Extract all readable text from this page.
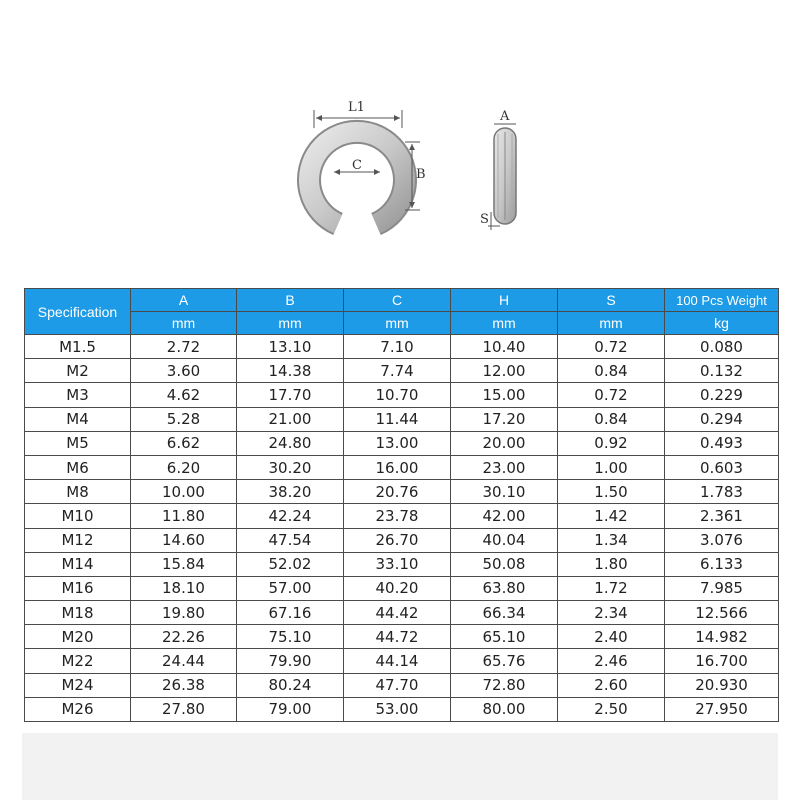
L1
C
B
A
S
Specification	A	B	C	H	S	100 Pcs Weight
	mm	mm	mm	mm	mm	kg
M1.5	2.72	13.10	7.10	10.40	0.72	0.080
M2	3.60	14.38	7.74	12.00	0.84	0.132
M3	4.62	17.70	10.70	15.00	0.72	0.229
M4	5.28	21.00	11.44	17.20	0.84	0.294
M5	6.62	24.80	13.00	20.00	0.92	0.493
M6	6.20	30.20	16.00	23.00	1.00	0.603
M8	10.00	38.20	20.76	30.10	1.50	1.783
M10	11.80	42.24	23.78	42.00	1.42	2.361
M12	14.60	47.54	26.70	40.04	1.34	3.076
M14	15.84	52.02	33.10	50.08	1.80	6.133
M16	18.10	57.00	40.20	63.80	1.72	7.985
M18	19.80	67.16	44.42	66.34	2.34	12.566
M20	22.26	75.10	44.72	65.10	2.40	14.982
M22	24.44	79.90	44.14	65.76	2.46	16.700
M24	26.38	80.24	47.70	72.80	2.60	20.930
M26	27.80	79.00	53.00	80.00	2.50	27.950
